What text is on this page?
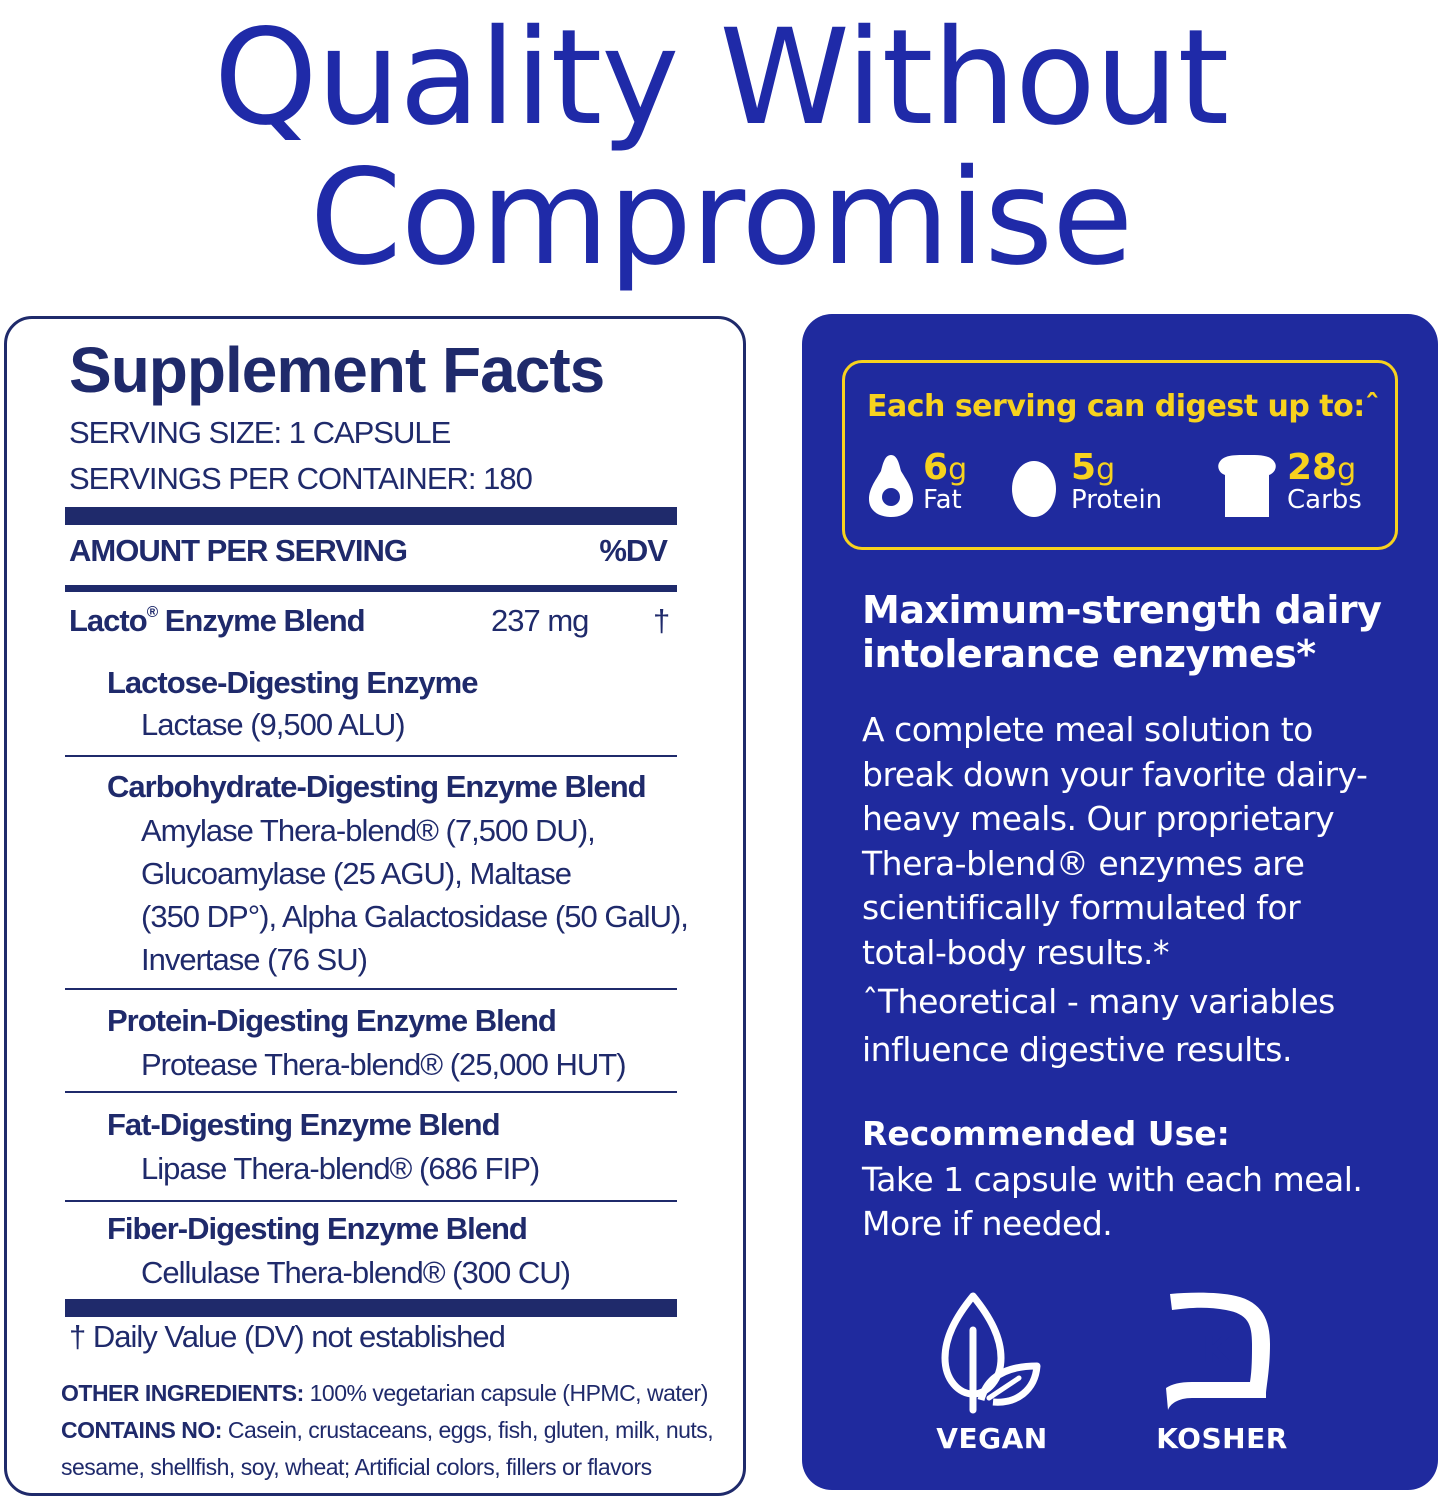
Quality Without
Compromise
Supplement Facts
SERVING SIZE: 1 CAPSULE
SERVINGS PER CONTAINER: 180
AMOUNT PER SERVING	%DV
Lacto® Enzyme Blend	237 mg †
Lactose-Digesting Enzyme
Lactase (9,500 ALU)
Carbohydrate-Digesting Enzyme Blend
Amylase Thera-blend® (7,500 DU),
Glucoamylase (25 AGU), Maltase
(350 DP°), Alpha Galactosidase (50 GalU),
Invertase (76 SU)
Protein-Digesting Enzyme Blend
Protease Thera-blend® (25,000 HUT)
Fat-Digesting Enzyme Blend
Lipase Thera-blend® (686 FIP)
Fiber-Digesting Enzyme Blend
Cellulase Thera-blend® (300 CU)
† Daily Value (DV) not established
OTHER INGREDIENTS: 100% vegetarian capsule (HPMC, water)
CONTAINS NO: Casein, crustaceans, eggs, fish, gluten, milk, nuts,
sesame, shellfish, soy, wheat; Artificial colors, fillers or flavors
Each serving can digest up to:ˆ
6g
Fat
5g
Protein
28g
Carbs
Maximum-strength dairy
intolerance enzymes*
A complete meal solution to
break down your favorite dairy-
heavy meals. Our proprietary
Thera-blend® enzymes are
scientifically formulated for
total-body results.*
ˆTheoretical - many variables
influence digestive results.
Recommended Use:
Take 1 capsule with each meal.
More if needed.
VEGAN
K
KOSHER
